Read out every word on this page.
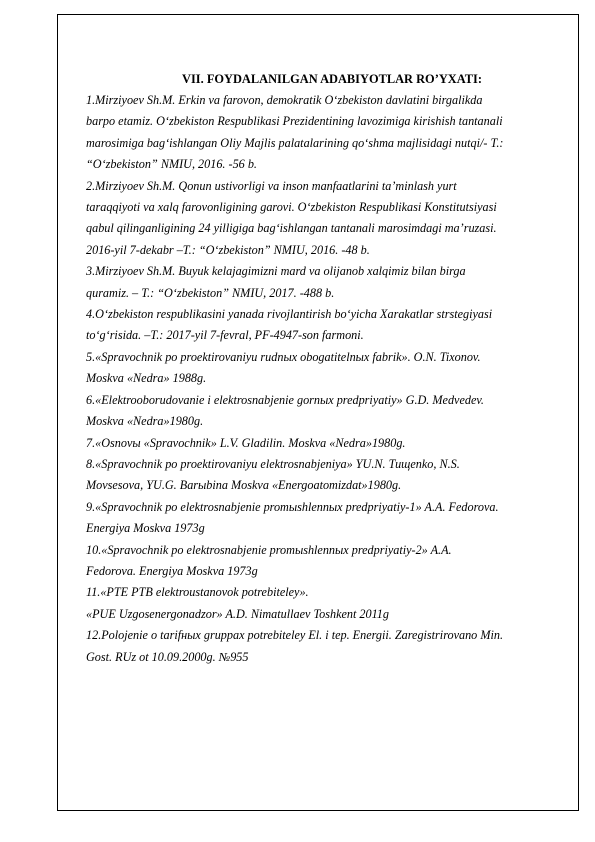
VII. FOYDALANILGAN ADABIYOTLAR RO’YXATI:
1.Mirziyoev Sh.M. Erkin va farovon, demokratik O‘zbekiston davlatini birgalikda
barpo etamiz. O‘zbekiston Respublikasi Prezidentining lavozimiga kirishish tantanali
marosimiga bag‘ishlangan Oliy Majlis palatalarining qo‘shma majlisidagi nutqi/- T.:
“O‘zbekiston” NMIU, 2016. -56 b.
2.Mirziyoev Sh.M. Qonun ustivorligi va inson manfaatlarini ta’minlash yurt
taraqqiyoti va xalq farovonligining garovi. O‘zbekiston Respublikasi Konstitutsiyasi
qabul qilinganligining 24 yilligiga bag‘ishlangan tantanali marosimdagi ma’ruzasi.
2016-yil 7-dekabr –T.: “O‘zbekiston” NMIU, 2016. -48 b.
3.Mirziyoev Sh.M. Buyuk kelajagimizni mard va olijanob xalqimiz bilan birga
quramiz. – T.: “O‘zbekiston” NMIU, 2017. -488 b.
4.O‘zbekiston respublikasini yanada rivojlantirish bo‘yicha Xarakatlar strstegiyasi
to‘g‘risida. –T.: 2017-yil 7-fevral, PF-4947-son farmoni.
5.«Spravochnik po proektirovaniyu rudnых obogatitelnых fabrik». O.N. Tixonov.
Moskva «Nedra» 1988g.
6.«Elektrooborudovanie i elektrosnabjenie gornых predpriyatiy» G.D. Medvedev.
Moskva «Nedra»1980g.
7.«Osnovы «Spravochnik» L.V. Gladilin. Moskva «Nedra»1980g.
8.«Spravochnik po proektirovaniyu elektrosnabjeniya» YU.N. Тищenko, N.S.
Movsesova, YU.G. Barыbina Moskva «Energoatomizdat»1980g.
9.«Spravochnik po elektrosnabjenie promыshlennых predpriyatiy-1» A.A. Fedorova.
Energiya Moskva 1973g
10.«Spravochnik po elektrosnabjenie promыshlennых predpriyatiy-2» A.A.
Fedorova. Energiya Moskva 1973g
11.«PTE PTB elektroustanovok potrebiteley».
«PUE Uzgosenergonadzor» A.D. Nimatullaev Toshkent 2011g
12.Polojenie o tarifных gruppax potrebiteley El. i tep. Energii. Zaregistrirovano Min.
Gost. RUz ot 10.09.2000g. №955
